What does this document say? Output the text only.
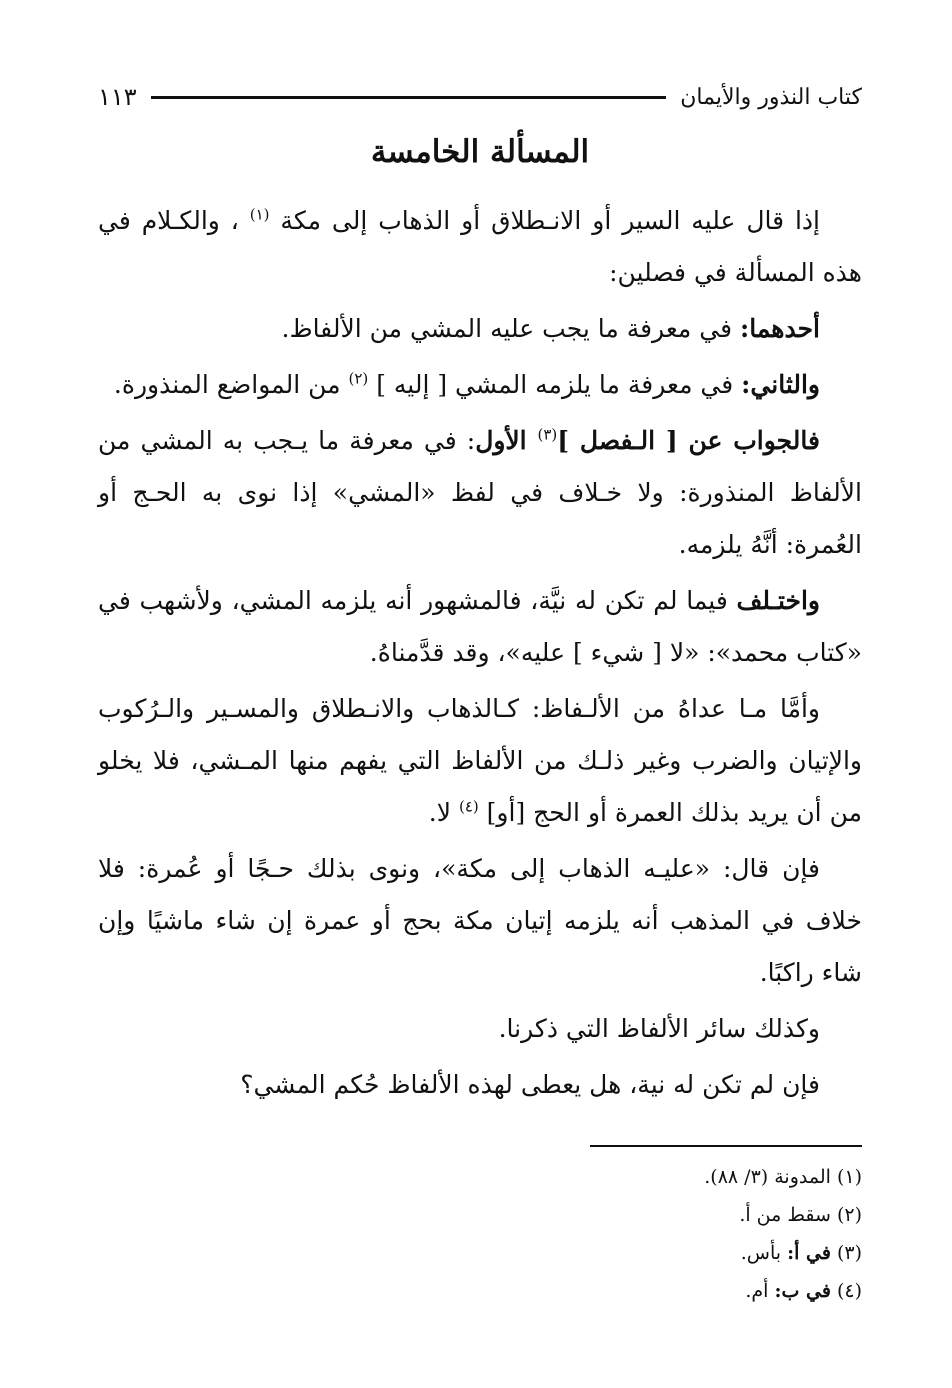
كتاب النذور والأيمان
١١٣
المسألة الخامسة

إذا قال عليه السير أو الانـطلاق أو الذهاب إلى مكة $^{(١)}$ ، والكـلام في هذه المسألة في فصلين:

أحدهما: في معرفة ما يجب عليه المشي من الألفاظ.

والثاني: في معرفة ما يلزمه المشي [ إليه ] $^{(٢)}$ من المواضع المنذورة.

فالجواب عن [ الـفصل ]$^{(٣)}$ الأول: في معرفة ما يـجب به المشي من الألفاظ المنذورة: ولا خـلاف في لفظ «المشي» إذا نوى به الحـج أو العُمرة: أنَّهُ يلزمه.

واختـلف فيما لم تكن له نيَّة، فالمشهور أنه يلزمه المشي، ولأشهب في «كتاب محمد»: «لا [ شيء ] عليه»، وقد قدَّمناهُ.

وأمَّا مـا عداهُ من الألـفاظ: كـالذهاب والانـطلاق والمسـير والـرُكوب والإتيان والضرب وغير ذلـك من الألفاظ التي يفهم منها المـشي، فلا يخلو من أن يريد بذلك العمرة أو الحج [أو] $^{(٤)}$ لا.

فإن قال: «عليـه الذهاب إلى مكة»، ونوى بذلك حـجًا أو عُمرة: فلا خلاف في المذهب أنه يلزمه إتيان مكة بحج أو عمرة إن شاء ماشيًا وإن شاء راكبًا.

وكذلك سائر الألفاظ التي ذكرنا.

فإن لم تكن له نية، هل يعطى لهذه الألفاظ حُكم المشي؟

(١)المدونة (٣/ ٨٨).
(٢)سقط من أ.
(٣)في أ: بأس.
(٤)في ب: أم.
